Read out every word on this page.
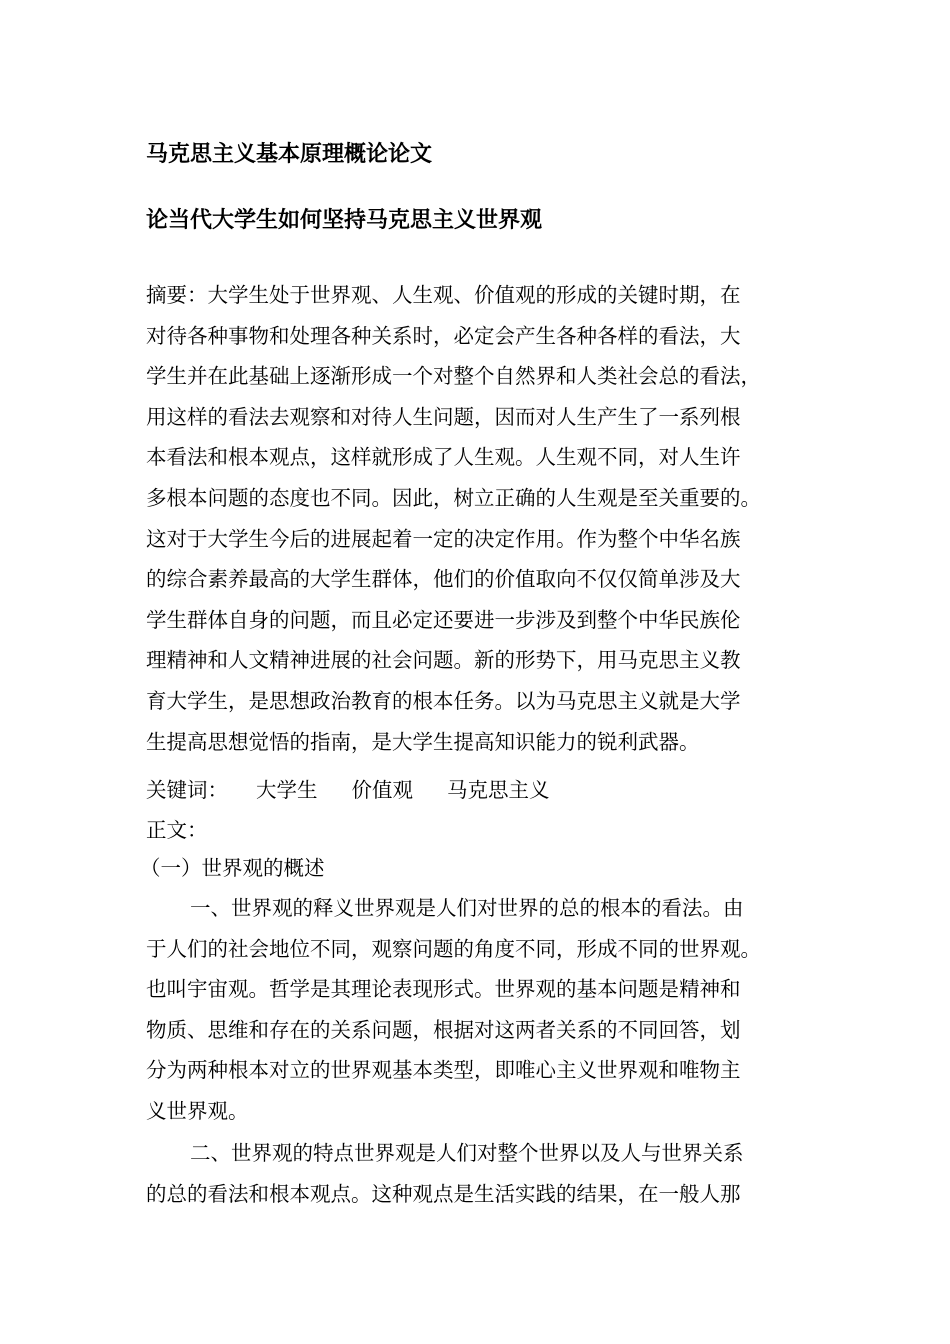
马克思主义基本原理概论论文
论当代大学生如何坚持马克思主义世界观
摘要：大学生处于世界观、人生观、价值观的形成的关键时期，在
对待各种事物和处理各种关系时，必定会产生各种各样的看法，大
学生并在此基础上逐渐形成一个对整个自然界和人类社会总的看法，
用这样的看法去观察和对待人生问题，因而对人生产生了一系列根
本看法和根本观点，这样就形成了人生观。人生观不同，对人生许
多根本问题的态度也不同。因此，树立正确的人生观是至关重要的。
这对于大学生今后的进展起着一定的决定作用。作为整个中华名族
的综合素养最高的大学生群体，他们的价值取向不仅仅简单涉及大
学生群体自身的问题，而且必定还要进一步涉及到整个中华民族伦
理精神和人文精神进展的社会问题。新的形势下，用马克思主义教
育大学生，是思想政治教育的根本任务。以为马克思主义就是大学
生提高思想觉悟的指南，是大学生提高知识能力的锐利武器。
关键词： 大学生 价值观 马克思主义
正文：
（一）世界观的概述
一、世界观的释义世界观是人们对世界的总的根本的看法。由
于人们的社会地位不同，观察问题的角度不同，形成不同的世界观。
也叫宇宙观。哲学是其理论表现形式。世界观的基本问题是精神和
物质、思维和存在的关系问题，根据对这两者关系的不同回答，划
分为两种根本对立的世界观基本类型，即唯心主义世界观和唯物主
义世界观。
二、世界观的特点世界观是人们对整个世界以及人与世界关系
的总的看法和根本观点。这种观点是生活实践的结果，在一般人那
